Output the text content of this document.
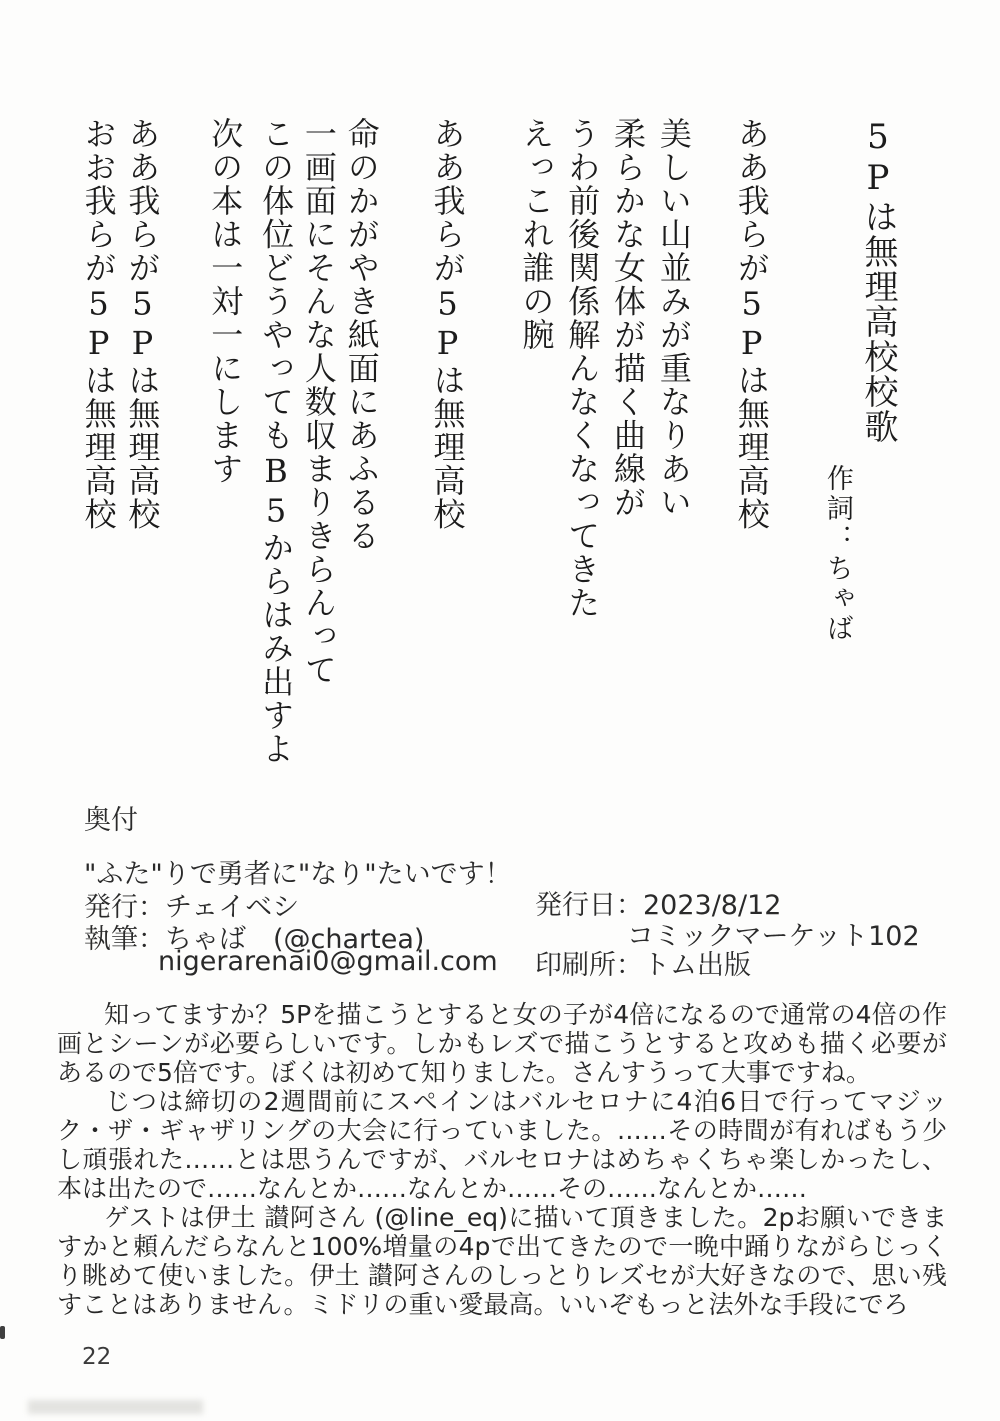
5Pは無理高校校歌
作詞：ちゃば
ああ我らが5Pは無理高校
美しい山並みが重なりあい
柔らかな女体が描く曲線が
うわ前後関係解んなくなってきた
えっこれ誰の腕
ああ我らが5Pは無理高校
命のかがやき紙面にあふるる
一画面にそんな人数収まりきらんって
この体位どうやってもB5からはみ出すよ
次の本は一対一にします
ああ我らが5Pは無理高校
おお我らが5Pは無理高校
奥付
"ふた"りで勇者に"なり"たいです！
発行：チェイベシ
執筆：ちゃば　(@chartea)
nigerarenai0@gmail.com
発行日：2023/8/12
コミックマーケット102
印刷所：トム出版

　知ってますか？5Pを描こうとすると女の子が4倍になるので通常の4倍の作画とシーンが必要らしいです。しかもレズで描こうとすると攻めも描く必要があるので5倍です。ぼくは初めて知りました。さんすうって大事ですね。

　じつは締切の2週間前にスペインはバルセロナに4泊6日で行ってマジック・ザ・ギャザリングの大会に行っていました。……その時間が有ればもう少し頑張れた……とは思うんですが、バルセロナはめちゃくちゃ楽しかったし、本は出たので……なんとか……なんとか……その……なんとか……

　ゲストは伊土 讃阿さん (@line_eq)に描いて頂きました。2pお願いできますかと頼んだらなんと100%増量の4pで出てきたので一晩中踊りながらじっくり眺めて使いました。伊土 讃阿さんのしっとりレズセが大好きなので、思い残すことはありません。ミドリの重い愛最高。いいぞもっと法外な手段にでろ

22
